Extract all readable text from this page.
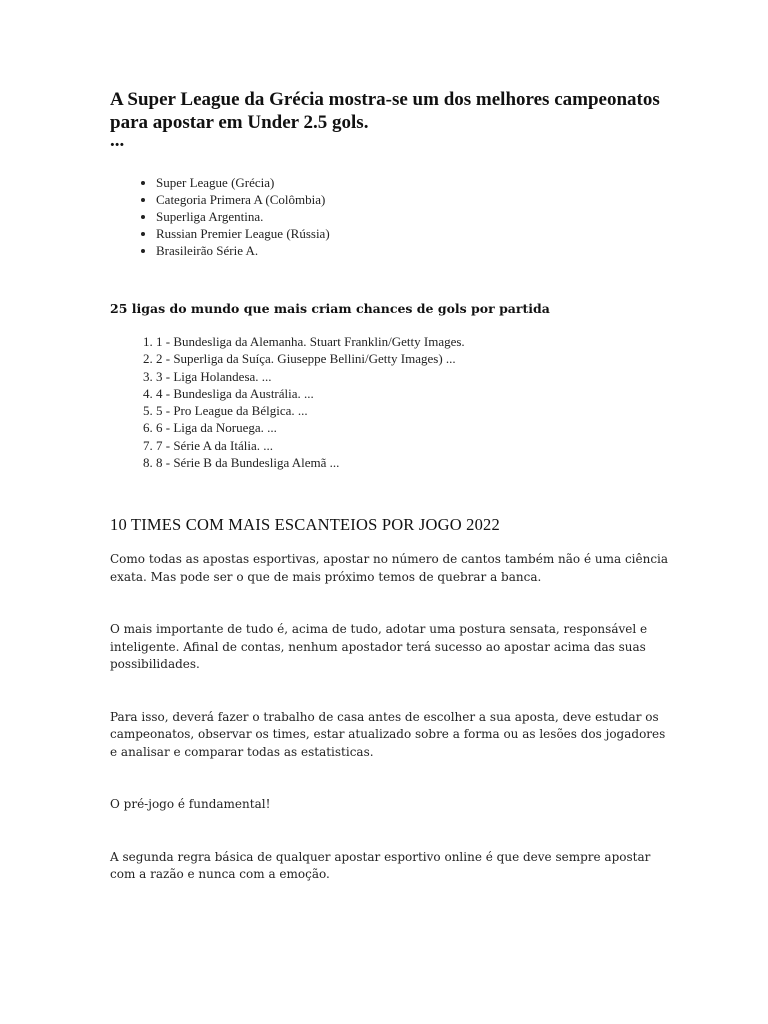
A Super League da Grécia mostra-se um dos melhores campeonatos para apostar em Under 2.5 gols.
...
• Super League (Grécia)
• Categoria Primera A (Colômbia)
• Superliga Argentina.
• Russian Premier League (Rússia)
• Brasileirão Série A.
25 ligas do mundo que mais criam chances de gols por partida
1. 1 - Bundesliga da Alemanha. Stuart Franklin/Getty Images.
2. 2 - Superliga da Suíça. Giuseppe Bellini/Getty Images) ...
3. 3 - Liga Holandesa. ...
4. 4 - Bundesliga da Austrália. ...
5. 5 - Pro League da Bélgica. ...
6. 6 - Liga da Noruega. ...
7. 7 - Série A da Itália. ...
8. 8 - Série B da Bundesliga Alemã ...
10 TIMES COM MAIS ESCANTEIOS POR JOGO 2022

Como todas as apostas esportivas, apostar no número de cantos também não é uma ciência exata. Mas pode ser o que de mais próximo temos de quebrar a banca.

O mais importante de tudo é, acima de tudo, adotar uma postura sensata, responsável e inteligente. Afinal de contas, nenhum apostador terá sucesso ao apostar acima das suas possibilidades.

Para isso, deverá fazer o trabalho de casa antes de escolher a sua aposta, deve estudar os campeonatos, observar os times, estar atualizado sobre a forma ou as lesões dos jogadores e analisar e comparar todas as estatisticas.

O pré-jogo é fundamental!

A segunda regra básica de qualquer apostar esportivo online é que deve sempre apostar com a razão e nunca com a emoção.
